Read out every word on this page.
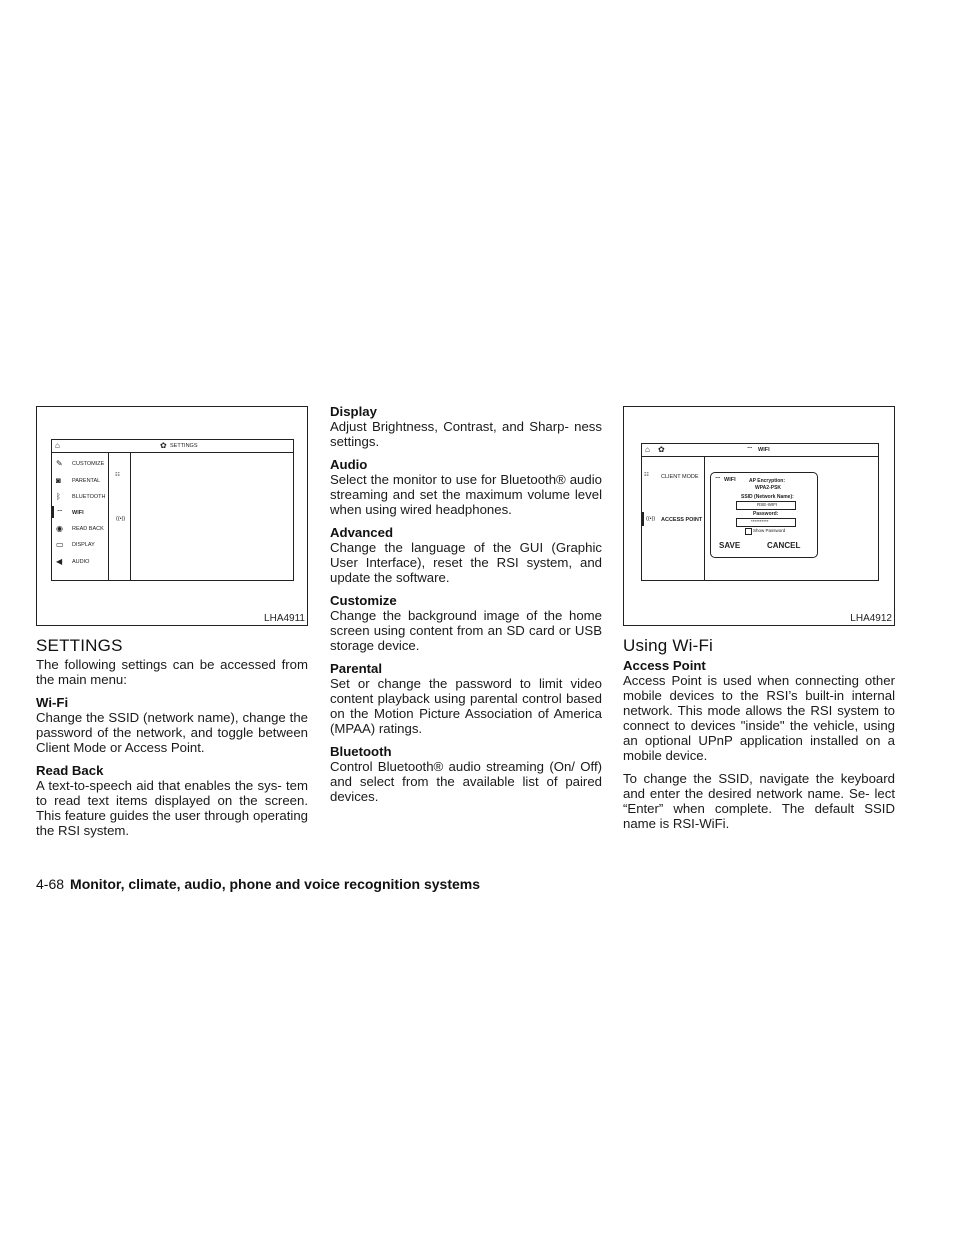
⌂	✿ SETTINGS
☷
((•))
✎ CUSTOMIZE
◙ PARENTAL
ᛒ BLUETOOTH
⌔ WIFI
◉ READ BACK
▭ DISPLAY
◀ AUDIO
LHA4911
SETTINGS

The following settings can be accessed from the main menu:

Wi-Fi

Change the SSID (network name), change the password of the network, and toggle between Client Mode or Access Point.

Read Back

A text-to-speech aid that enables the sys- tem to read text items displayed on the screen. This feature guides the user through operating the RSI system.

Display

Adjust Brightness, Contrast, and Sharp- ness settings.

Audio

Select the monitor to use for Bluetooth® audio streaming and set the maximum volume level when using wired headphones.

Advanced

Change the language of the GUI (Graphic User Interface), reset the RSI system, and update the software.

Customize

Change the background image of the home screen using content from an SD card or USB storage device.

Parental

Set or change the password to limit video content playback using parental control based on the Motion Picture Association of America (MPAA) ratings.

Bluetooth

Control Bluetooth® audio streaming (On/ Off) and select from the available list of paired devices.

⌂ ✿	⌔ WIFI
☷ CLIENT MODE
((•)) ACCESS POINT
⌔ WIFI	AP Encryption:
WPA2-PSK
SSID (Network Name):
RSE-WIFI
Password:
**********
Show Password
SAVE	CANCEL
LHA4912
Using Wi-Fi

Access Point

Access Point is used when connecting other mobile devices to the RSI’s built-in internal network. This mode allows the RSI system to connect to devices "inside" the vehicle, using an optional UPnP application installed on a mobile device.

To change the SSID, navigate the keyboard and enter the desired network name. Se- lect “Enter” when complete. The default SSID name is RSI-WiFi.

4-68 Monitor, climate, audio, phone and voice recognition systems
